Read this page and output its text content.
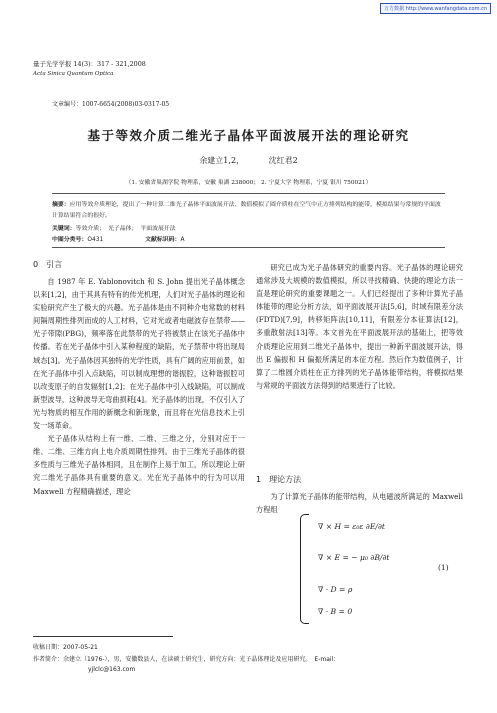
万方数据 http://www.wanfangdata.com.cn
量子光学学报 14(3)：317 - 321,2008
Acta Sinica Quantum Optica
文章编号：1007-6654(2008)03-0317-05
基于等效介质二维光子晶体平面波展开法的理论研究
余建立1,2，	沈红君2
（1. 安徽省巢湖学院 物理系，安徽 巢湖 238000； 2. 宁夏大学 物理系，宁夏 银川 750021）
摘要：应用等效介质理论，提出了一种计算二维光子晶体平面波展开法、数值模拟了圆介质柱在空气中正方排列结构的能带，模拟结果与常规的平面波计算结果符合的很好。
关键词：等效介质；　光子晶体；　平面波展开法
中图分类号：O431	文献标识码：A
0　引言

自 1987 年 E. Yablonovitch 和 S. John 提出光子晶体概念以来[1,2]，由于其具有特有的传光机理，人们对光子晶体的理论和实验研究产生了极大的兴趣。光子晶体是由不同种介电常数的材料间隔周期性排列而成的人工材料，它对光或者电磁波存在禁带——光子带隙(PBG)，频率落在此禁带的光子将被禁止在该光子晶体中传播。若在光子晶体中引入某种程度的缺陷，光子禁带中将出现局域态[3]。光子晶体因其独特的光学性质，具有广阔的应用前景，如在光子晶体中引入点缺陷，可以制成理想的谐振腔，这种谐振腔可以改变原子的自发辐射[1,2]；在光子晶体中引入线缺陷，可以制成新型波导，这种波导无弯曲损耗[4]。光子晶体的出现，不仅引入了光与物质的相互作用的新概念和新现象，而且将在光信息技术上引发一场革命。

光子晶体从结构上有一维、二维、三维之分，分别对应于一维、二维、三维方向上电介质周期性排列。由于三维光子晶体的很多性质与三维光子晶体相同，且在制作上易于加工，所以理论上研究二维光子晶体具有重要的意义。光在光子晶体中的行为可以用 Maxwell 方程精确描述，理论

研究已成为光子晶体研究的重要内容。光子晶体的理论研究通常涉及大规模的数值模拟，所以寻找精确、快捷的理论方法一直是理论研究的重要课题之一。人们已经提出了多种计算光子晶体能带的理论分析方法，如平面波展开法[5,6]，时域有限差分法(FDTD)[7,9]，转移矩阵法[10,11]，有限差分本征算法[12]，多重散射法[13]等。本文首先在平面波展开法的基础上，把等效介质理论应用到二维光子晶体中，提出一种新平面波展开法，得出 E 偏振和 H 偏振所满足的本征方程。然后作为数值例子，计算了二维圆介质柱在正方排列的光子晶体能带结构，将模拟结果与常规的平面波方法得到的结果进行了比较。

1　理论方法

为了计算光子晶体的能带结构，从电磁波所满足的 Maxwell 方程组

∇ × H = ε₀ε ∂E/∂t
∇ × E = − μ₀ ∂B/∂t
∇ · D = ρ
∇ · B = 0
(1)
收稿日期：2007-05-21
作者简介：余建立（1976-），男，安徽数县人，在读硕士研究生，研究方向：光子晶体理论及应用研究。　E-mail：
yjlclc@163.com
